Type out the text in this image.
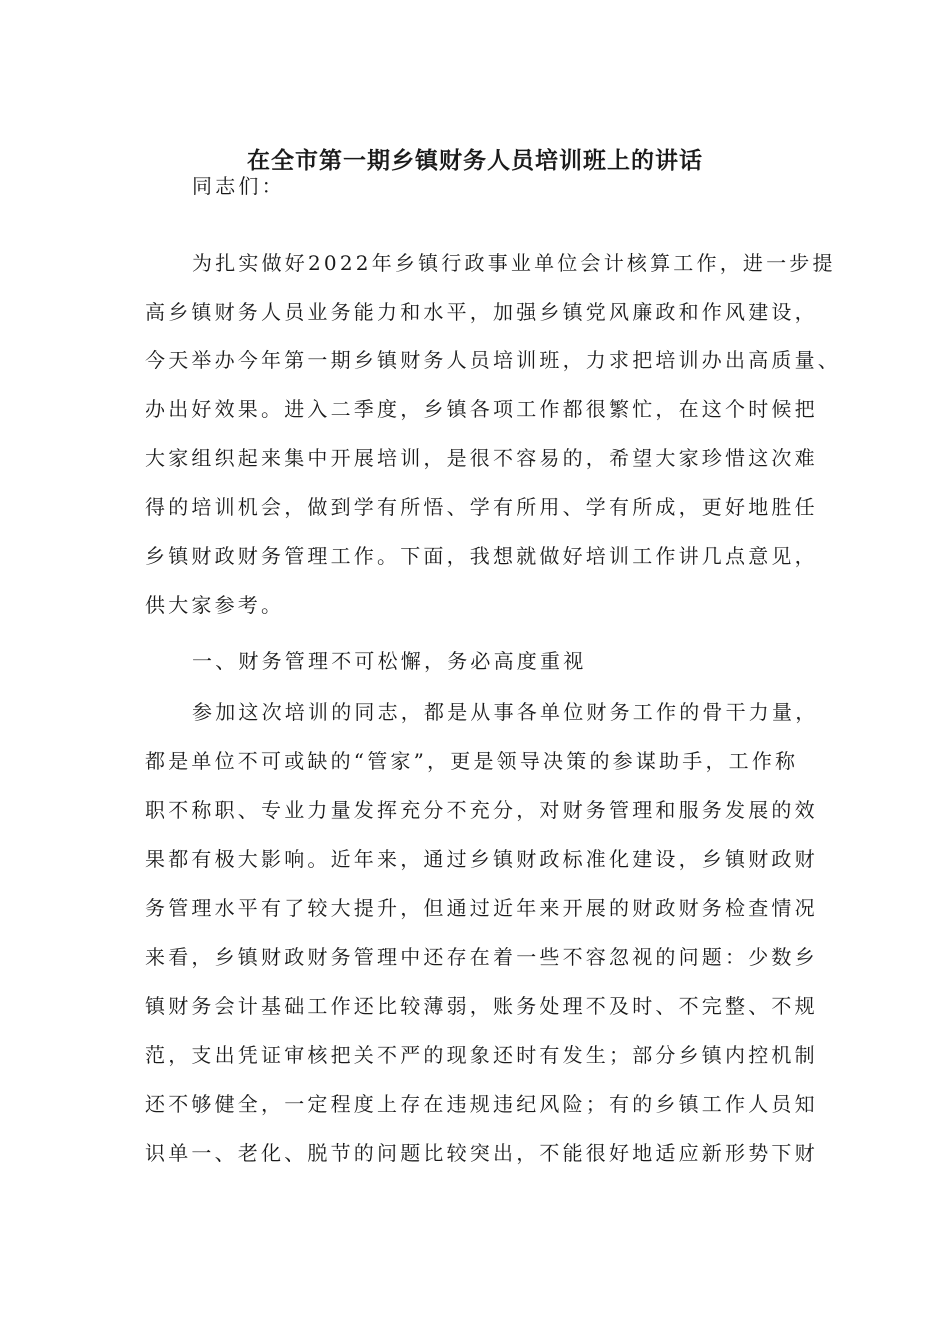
在全市第一期乡镇财务人员培训班上的讲话
同志们：
为扎实做好2022年乡镇行政事业单位会计核算工作，进一步提
高乡镇财务人员业务能力和水平，加强乡镇党风廉政和作风建设，
今天举办今年第一期乡镇财务人员培训班，力求把培训办出高质量、
办出好效果。进入二季度，乡镇各项工作都很繁忙，在这个时候把
大家组织起来集中开展培训，是很不容易的，希望大家珍惜这次难
得的培训机会，做到学有所悟、学有所用、学有所成，更好地胜任
乡镇财政财务管理工作。下面，我想就做好培训工作讲几点意见，
供大家参考。
一、财务管理不可松懈，务必高度重视
参加这次培训的同志，都是从事各单位财务工作的骨干力量，
都是单位不可或缺的“管家”，更是领导决策的参谋助手，工作称
职不称职、专业力量发挥充分不充分，对财务管理和服务发展的效
果都有极大影响。近年来，通过乡镇财政标准化建设，乡镇财政财
务管理水平有了较大提升，但通过近年来开展的财政财务检查情况
来看，乡镇财政财务管理中还存在着一些不容忽视的问题：少数乡
镇财务会计基础工作还比较薄弱，账务处理不及时、不完整、不规
范，支出凭证审核把关不严的现象还时有发生；部分乡镇内控机制
还不够健全，一定程度上存在违规违纪风险；有的乡镇工作人员知
识单一、老化、脱节的问题比较突出，不能很好地适应新形势下财
